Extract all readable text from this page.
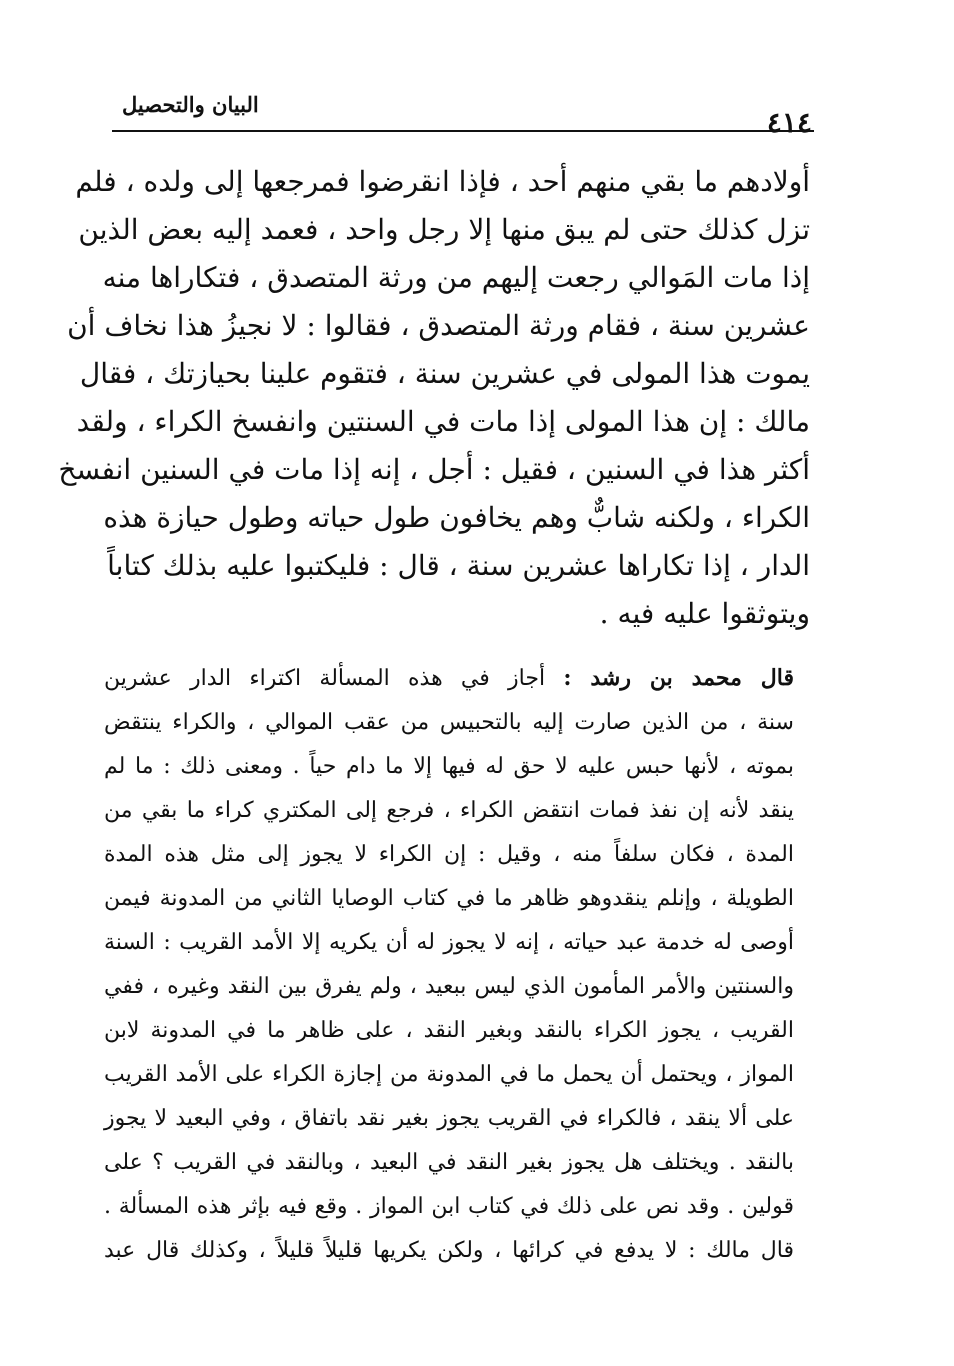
البيان والتحصيل
٤١٤
أولادهم ما بقي منهم أحد ، فإذا انقرضوا فمرجعها إلى ولده ، فلم
تزل كذلك حتى لم يبق منها إلا رجل واحد ، فعمد إليه بعض الذين
إذا مات المَوالي رجعت إليهم من ورثة المتصدق ، فتكاراها منه
عشرين سنة ، فقام ورثة المتصدق ، فقالوا : لا نجيزُ هذا نخاف أن
يموت هذا المولى في عشرين سنة ، فتقوم علينا بحيازتك ، فقال
مالك : إن هذا المولى إذا مات في السنتين وانفسخ الكراء ، ولقد
أكثر هذا في السنين ، فقيل : أجل ، إنه إذا مات في السنين انفسخ
الكراء ، ولكنه شابٌّ وهم يخافون طول حياته وطول حيازة هذه
الدار ، إذا تكاراها عشرين سنة ، قال : فليكتبوا عليه بذلك كتاباً
ويتوثقوا عليه فيه .
قال محمد بن رشد : أجاز في هذه المسألة اكتراء الدار عشرين
سنة ، من الذين صارت إليه بالتحبيس من عقب الموالي ، والكراء ينتقض
بموته ، لأنها حبس عليه لا حق له فيها إلا ما دام حياً . ومعنى ذلك : ما لم
ينقد لأنه إن نفذ فمات انتقض الكراء ، فرجع إلى المكتري كراء ما بقي من
المدة ، فكان سلفاً منه ، وقيل : إن الكراء لا يجوز إلى مثل هذه المدة
الطويلة ، وإنلم ينقدوهو ظاهر ما في كتاب الوصايا الثاني من المدونة فيمن
أوصى له خدمة عبد حياته ، إنه لا يجوز له أن يكريه إلا الأمد القريب : السنة
والسنتين والأمر المأمون الذي ليس ببعيد ، ولم يفرق بين النقد وغيره ، ففي
القريب ، يجوز الكراء بالنقد وبغير النقد ، على ظاهر ما في المدونة لابن
المواز ، ويحتمل أن يحمل ما في المدونة من إجازة الكراء على الأمد القريب
على ألا ينقد ، فالكراء في القريب يجوز بغير نقد باتفاق ، وفي البعيد لا يجوز
بالنقد . ويختلف هل يجوز بغير النقد في البعيد ، وبالنقد في القريب ؟ على
قولين . وقد نص على ذلك في كتاب ابن المواز . وقع فيه بإثر هذه المسألة .
قال مالك : لا يدفع في كرائها ، ولكن يكريها قليلاً قليلاً ، وكذلك قال عبد
